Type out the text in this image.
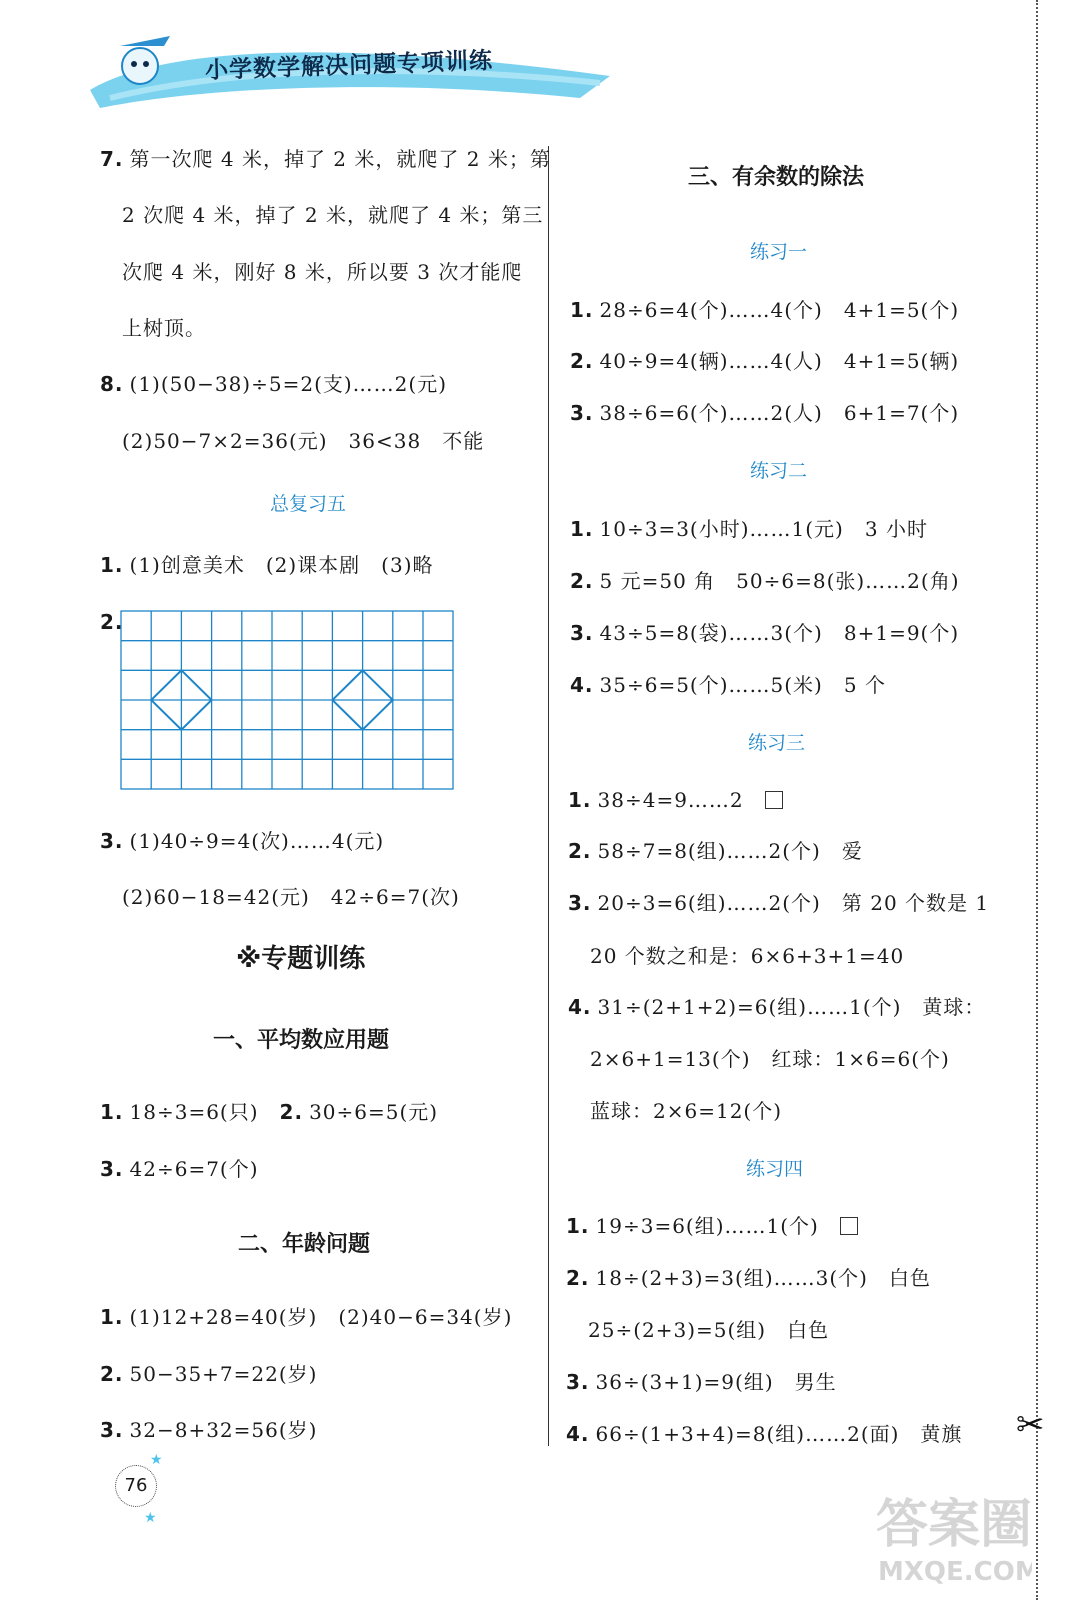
小学数学解决问题专项训练
7. 第一次爬 4 米，掉了 2 米，就爬了 2 米；第
2 次爬 4 米，掉了 2 米，就爬了 4 米；第三
次爬 4 米，刚好 8 米，所以要 3 次才能爬
上树顶。
8. (1)(50−38)÷5=2(支)……2(元)
(2)50−7×2=36(元)　36<38　不能
总复习五
1. (1)创意美术　(2)课本剧　(3)略
2.
3. (1)40÷9=4(次)……4(元)
(2)60−18=42(元)　42÷6=7(次)
※专题训练
一、平均数应用题
1. 18÷3=6(只)　 2. 30÷6=5(元)
3. 42÷6=7(个)
二、年龄问题
1. (1)12+28=40(岁)　(2)40−6=34(岁)
2. 50−35+7=22(岁)
3. 32−8+32=56(岁)
三、有余数的除法
练习一
1. 28÷6=4(个)……4(个)　4+1=5(个)
2. 40÷9=4(辆)……4(人)　4+1=5(辆)
3. 38÷6=6(个)……2(人)　6+1=7(个)
练习二
1. 10÷3=3(小时)……1(元)　3 小时
2. 5 元=50 角　50÷6=8(张)……2(角)
3. 43÷5=8(袋)……3(个)　8+1=9(个)
4. 35÷6=5(个)……5(米)　5 个
练习三
1. 38÷4=9……2　
2. 58÷7=8(组)……2(个)　爱
3. 20÷3=6(组)……2(个)　第 20 个数是 1
20 个数之和是：6×6+3+1=40
4. 31÷(2+1+2)=6(组)……1(个)　黄球：
2×6+1=13(个)　红球：1×6=6(个)
蓝球：2×6=12(个)
练习四
1. 19÷3=6(组)……1(个)　
2. 18÷(2+3)=3(组)……3(个)　白色
25÷(2+3)=5(组)　白色
3. 36÷(3+1)=9(组)　男生
4. 66÷(1+3+4)=8(组)……2(面)　黄旗
76
★
★
✂
答案圈
MXQE.COM
